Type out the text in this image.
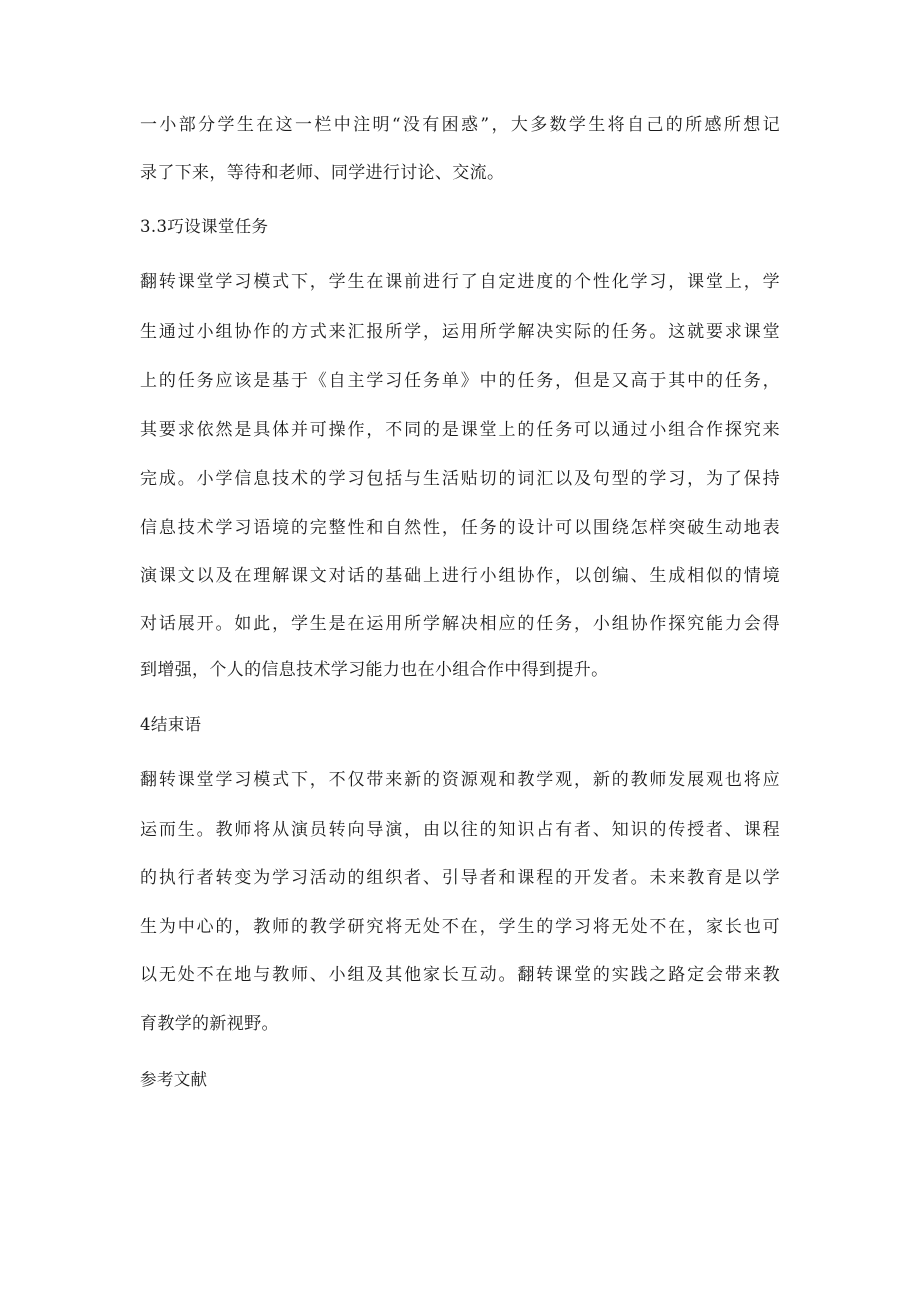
一小部分学生在这一栏中注明“没有困惑”，大多数学生将自己的所感所想记
录了下来，等待和老师、同学进行讨论、交流。
3.3巧设课堂任务
翻转课堂学习模式下，学生在课前进行了自定进度的个性化学习，课堂上，学
生通过小组协作的方式来汇报所学，运用所学解决实际的任务。这就要求课堂
上的任务应该是基于《自主学习任务单》中的任务，但是又高于其中的任务，
其要求依然是具体并可操作，不同的是课堂上的任务可以通过小组合作探究来
完成。小学信息技术的学习包括与生活贴切的词汇以及句型的学习，为了保持
信息技术学习语境的完整性和自然性，任务的设计可以围绕怎样突破生动地表
演课文以及在理解课文对话的基础上进行小组协作，以创编、生成相似的情境
对话展开。如此，学生是在运用所学解决相应的任务，小组协作探究能力会得
到增强，个人的信息技术学习能力也在小组合作中得到提升。
4结束语
翻转课堂学习模式下，不仅带来新的资源观和教学观，新的教师发展观也将应
运而生。教师将从演员转向导演，由以往的知识占有者、知识的传授者、课程
的执行者转变为学习活动的组织者、引导者和课程的开发者。未来教育是以学
生为中心的，教师的教学研究将无处不在，学生的学习将无处不在，家长也可
以无处不在地与教师、小组及其他家长互动。翻转课堂的实践之路定会带来教
育教学的新视野。
参考文献
